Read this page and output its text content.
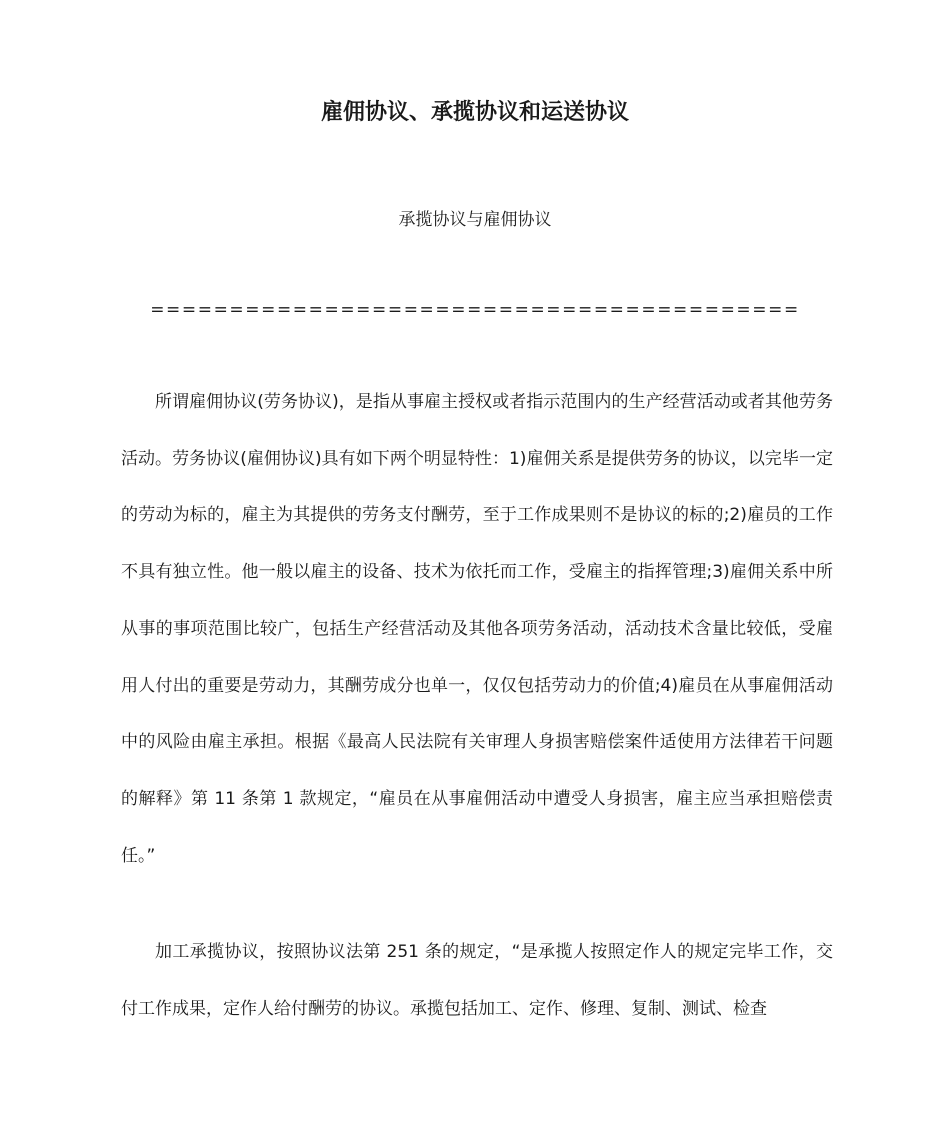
雇佣协议、承揽协议和运送协议

承揽协议与雇佣协议

=========================================

所谓雇佣协议(劳务协议)，是指从事雇主授权或者指示范围内的生产经营活动或者其他劳务活动。劳务协议(雇佣协议)具有如下两个明显特性：1)雇佣关系是提供劳务的协议，以完毕一定的劳动为标的，雇主为其提供的劳务支付酬劳，至于工作成果则不是协议的标的;2)雇员的工作不具有独立性。他一般以雇主的设备、技术为依托而工作，受雇主的指挥管理;3)雇佣关系中所从事的事项范围比较广，包括生产经营活动及其他各项劳务活动，活动技术含量比较低，受雇用人付出的重要是劳动力，其酬劳成分也单一，仅仅包括劳动力的价值;4)雇员在从事雇佣活动中的风险由雇主承担。根据《最高人民法院有关审理人身损害赔偿案件适使用方法律若干问题的解释》第 11 条第 1 款规定，“雇员在从事雇佣活动中遭受人身损害，雇主应当承担赔偿责任。”

加工承揽协议，按照协议法第 251 条的规定，“是承揽人按照定作人的规定完毕工作，交付工作成果，定作人给付酬劳的协议。承揽包括加工、定作、修理、复制、测试、检查
